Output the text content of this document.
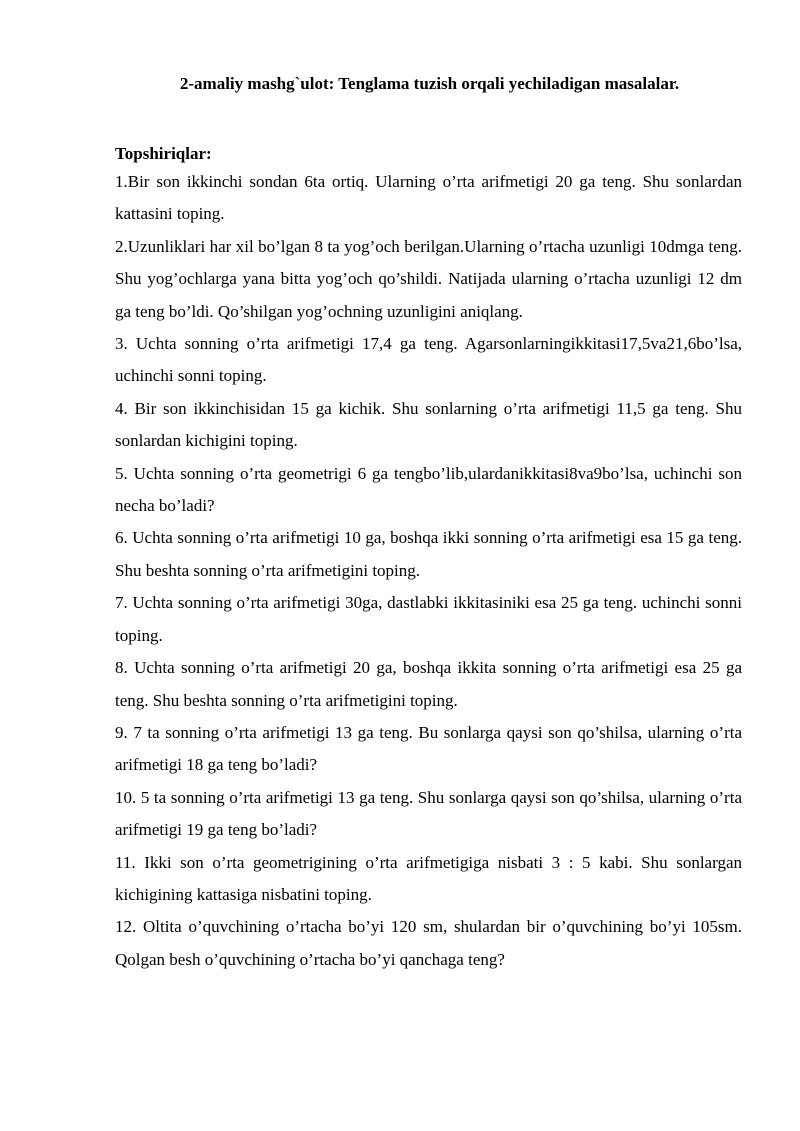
2-amaliy mashg`ulot: Tenglama tuzish orqali yechiladigan masalalar.

Topshiriqlar:

1.Bir son ikkinchi sondan 6ta ortiq. Ularning o’rta arifmetigi 20 ga teng. Shu sonlardan kattasini toping.

2.Uzunliklari har xil bo’lgan 8 ta yog’och berilgan.Ularning o’rtacha uzunligi 10dmga teng. Shu yog’ochlarga yana bitta yog’och qo’shildi. Natijada ularning o’rtacha uzunligi 12 dm ga teng bo’ldi. Qo’shilgan yog’ochning uzunligini aniqlang.

3. Uchta sonning o’rta arifmetigi 17,4 ga teng. Agarsonlarningikkitasi17,5va21,6bo’lsa, uchinchi sonni toping.

4. Bir son ikkinchisidan 15 ga kichik. Shu sonlarning o’rta arifmetigi 11,5 ga teng. Shu sonlardan kichigini toping.

5. Uchta sonning o’rta geometrigi 6 ga tengbo’lib,ulardanikkitasi8va9bo’lsa, uchinchi son necha bo’ladi?

6. Uchta sonning o’rta arifmetigi 10 ga, boshqa ikki sonning o’rta arifmetigi esa 15 ga teng. Shu beshta sonning o’rta arifmetigini toping.

7. Uchta sonning o’rta arifmetigi 30ga, dastlabki ikkitasiniki esa 25 ga teng. uchinchi sonni toping.

8. Uchta sonning o’rta arifmetigi 20 ga, boshqa ikkita sonning o’rta arifmetigi esa 25 ga teng. Shu beshta sonning o’rta arifmetigini toping.

9. 7 ta sonning o’rta arifmetigi 13 ga teng. Bu sonlarga qaysi son qo’shilsa, ularning o’rta arifmetigi 18 ga teng bo’ladi?

10. 5 ta sonning o’rta arifmetigi 13 ga teng. Shu sonlarga qaysi son qo’shilsa, ularning o’rta arifmetigi 19 ga teng bo’ladi?

11. Ikki son o’rta geometrigining o’rta arifmetigiga nisbati 3 : 5 kabi. Shu sonlargan kichigining kattasiga nisbatini toping.

12. Oltita o’quvchining o’rtacha bo’yi 120 sm, shulardan bir o’quvchining bo’yi 105sm. Qolgan besh o’quvchining o’rtacha bo’yi qanchaga teng?
